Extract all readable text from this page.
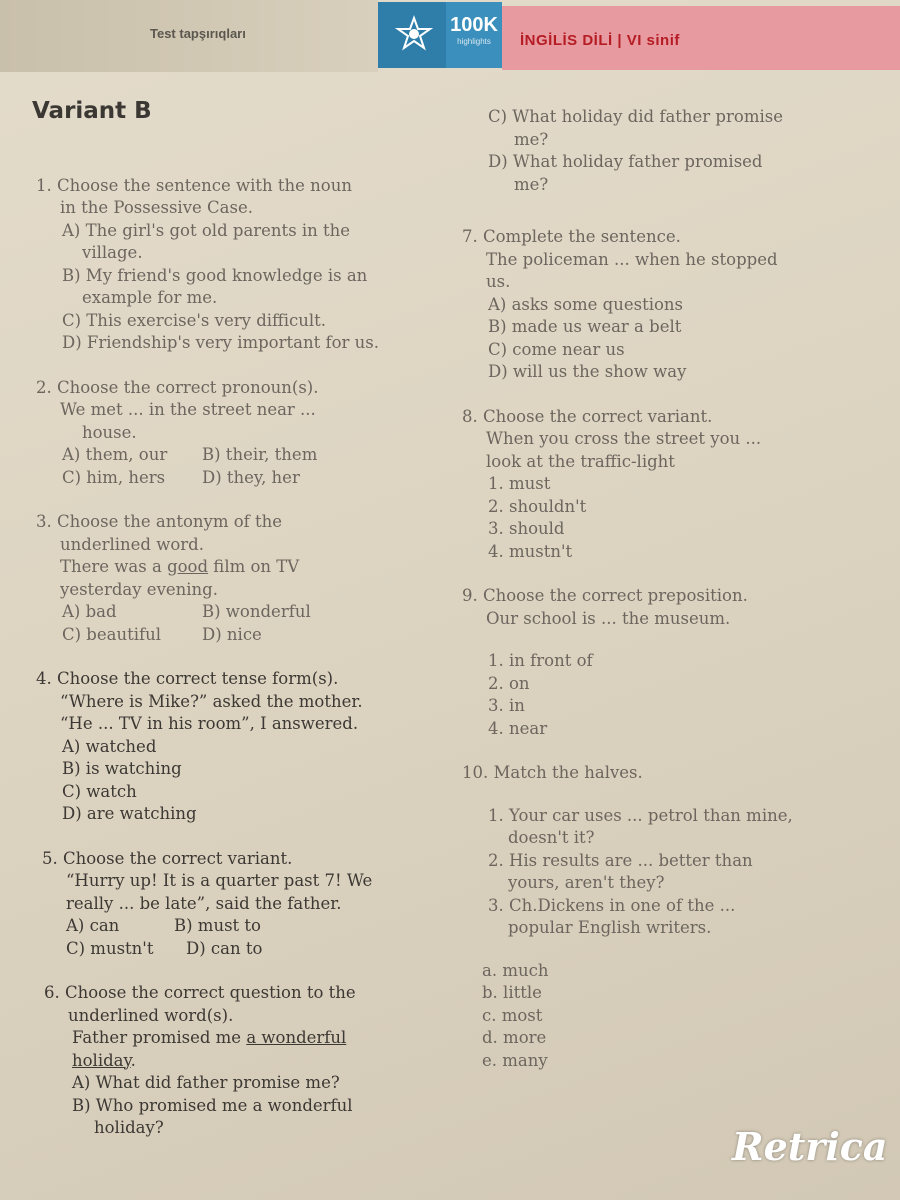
Test tapşırıqları	100K
highlights	İNGİLİS DİLİ | VI sinif
Variant B
1. Choose the sentence with the noun
in the Possessive Case.
A) The girl's got old parents in the
village.
B) My friend's good knowledge is an
example for me.
C) This exercise's very difficult.
D) Friendship's very important for us.
2. Choose the correct pronoun(s).
We met ... in the street near ...
house.
A) them, our	B) their, them
C) him, hers	D) they, her
3. Choose the antonym of the
underlined word.
There was a good film on TV
yesterday evening.
A) bad	B) wonderful
C) beautiful	D) nice
4. Choose the correct tense form(s).
“Where is Mike?” asked the mother.
“He ... TV in his room”, I answered.
A) watched
B) is watching
C) watch
D) are watching
5. Choose the correct variant.
“Hurry up! It is a quarter past 7! We
really ... be late”, said the father.
A) can	B) must to
C) mustn't	D) can to
6. Choose the correct question to the
underlined word(s).
Father promised me a wonderful
holiday.
A) What did father promise me?
B) Who promised me a wonderful
holiday?
C) What holiday did father promise
me?
D) What holiday father promised
me?
7. Complete the sentence.
The policeman ... when he stopped
us.
A) asks some questions
B) made us wear a belt
C) come near us
D) will us the show way
8. Choose the correct variant.
When you cross the street you ...
look at the traffic-light
1. must
2. shouldn't
3. should
4. mustn't
9. Choose the correct preposition.
Our school is ... the museum.
1. in front of
2. on
3. in
4. near
10. Match the halves.
1. Your car uses ... petrol than mine,
doesn't it?
2. His results are ... better than
yours, aren't they?
3. Ch.Dickens in one of the ...
popular English writers.
a. much
b. little
c. most
d. more
e. many
Retrica
